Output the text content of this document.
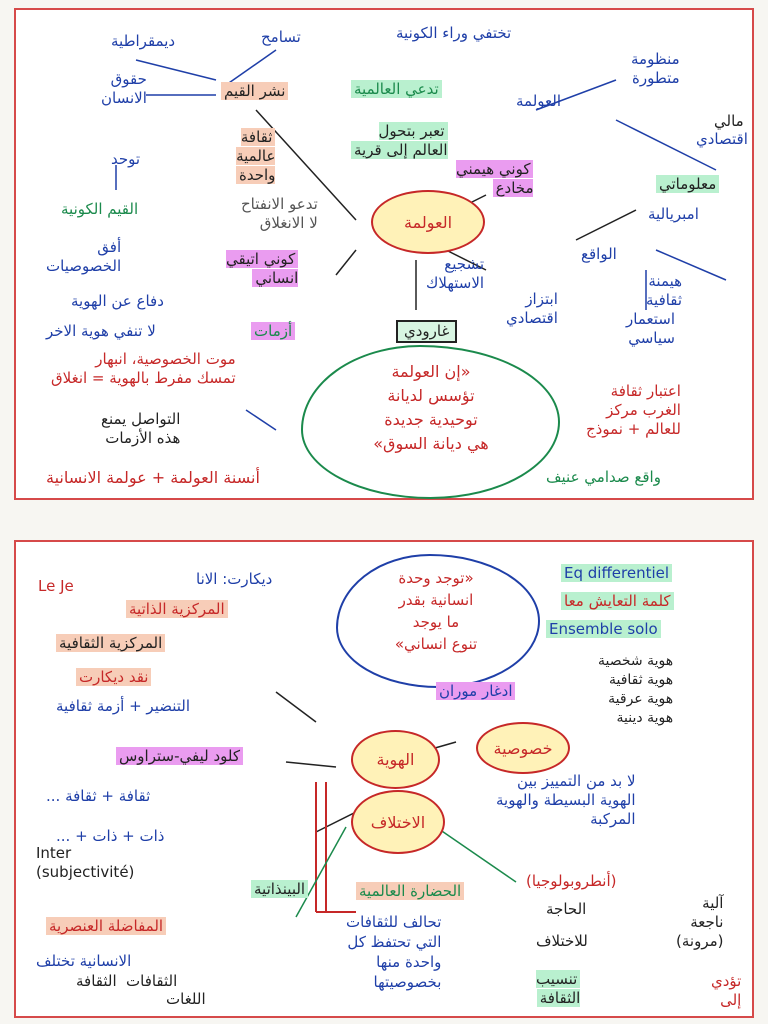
ديمقراطية	تسامح	تختفي وراء الكونية
منظومة
متطورة
حقوق
الانسان	نشر القيم	تدعي العالمية
العولمة
مالي
اقتصادي
تعبر بتحول
العالم إلى قرية
ثقافة
عالمية
واحدة
توحد
كوني هيمني
مخادع	معلوماتي
القيم الكونية	تدعو الانفتاح
لا الانغلاق	العولمة	امبريالية
أفق
الخصوصيات	كوني اتيقي
انساني
الواقع
تشجيع
الاستهلاك	هيمنة
ثقافية
دفاع عن الهوية	ابتزاز
اقتصادي	استعمار
سياسي
لا تنفي هوية الاخر	أزمات	غارودي
«إن العولمة
تؤسس لديانة
توحيدية جديدة
هي ديانة السوق»
موت الخصوصية، انبهار
تمسك مفرط بالهوية = انغلاق
اعتبار ثقافة
الغرب مركز
للعالم + نموذج
التواصل يمنع
هذه الأزمات
أنسنة العولمة + عولمة الانسانية	واقع صدامي عنيف
Le Je	ديكارت: الانا	«توجد وحدة
انسانية بقدر
ما يوجد
تنوع انساني»
Eq differentiel
كلمة التعايش معا
Ensemble solo
المركزية الذاتية
المركزية الثقافية
نقد ديكارت
التنضير + أزمة ثقافية
هوية شخصية
هوية ثقافية
هوية عرقية
هوية دينية
ادغار موران
كلود ليفي-ستراوس	الهوية
الاختلاف
خصوصية
لا بد من التمييز بين
الهوية البسيطة والهوية
المركبة
ثقافة + ثقافة ...
ذات + ذات + ...
Inter
(subjectivité)
البينذاتية	(أنطروبولوجيا)
الحضارة العالمية
الحاجة	آلية
ناجعة
(مرونة)
تحالف للثقافات
التي تحتفظ كل
واحدة منها
بخصوصيتها
للاختلاف
المفاضلة العنصرية
الانسانية تختلف
الثقافات
اللغات
الثقافة	تنسيب
الثقافة
تؤدي
إلى
